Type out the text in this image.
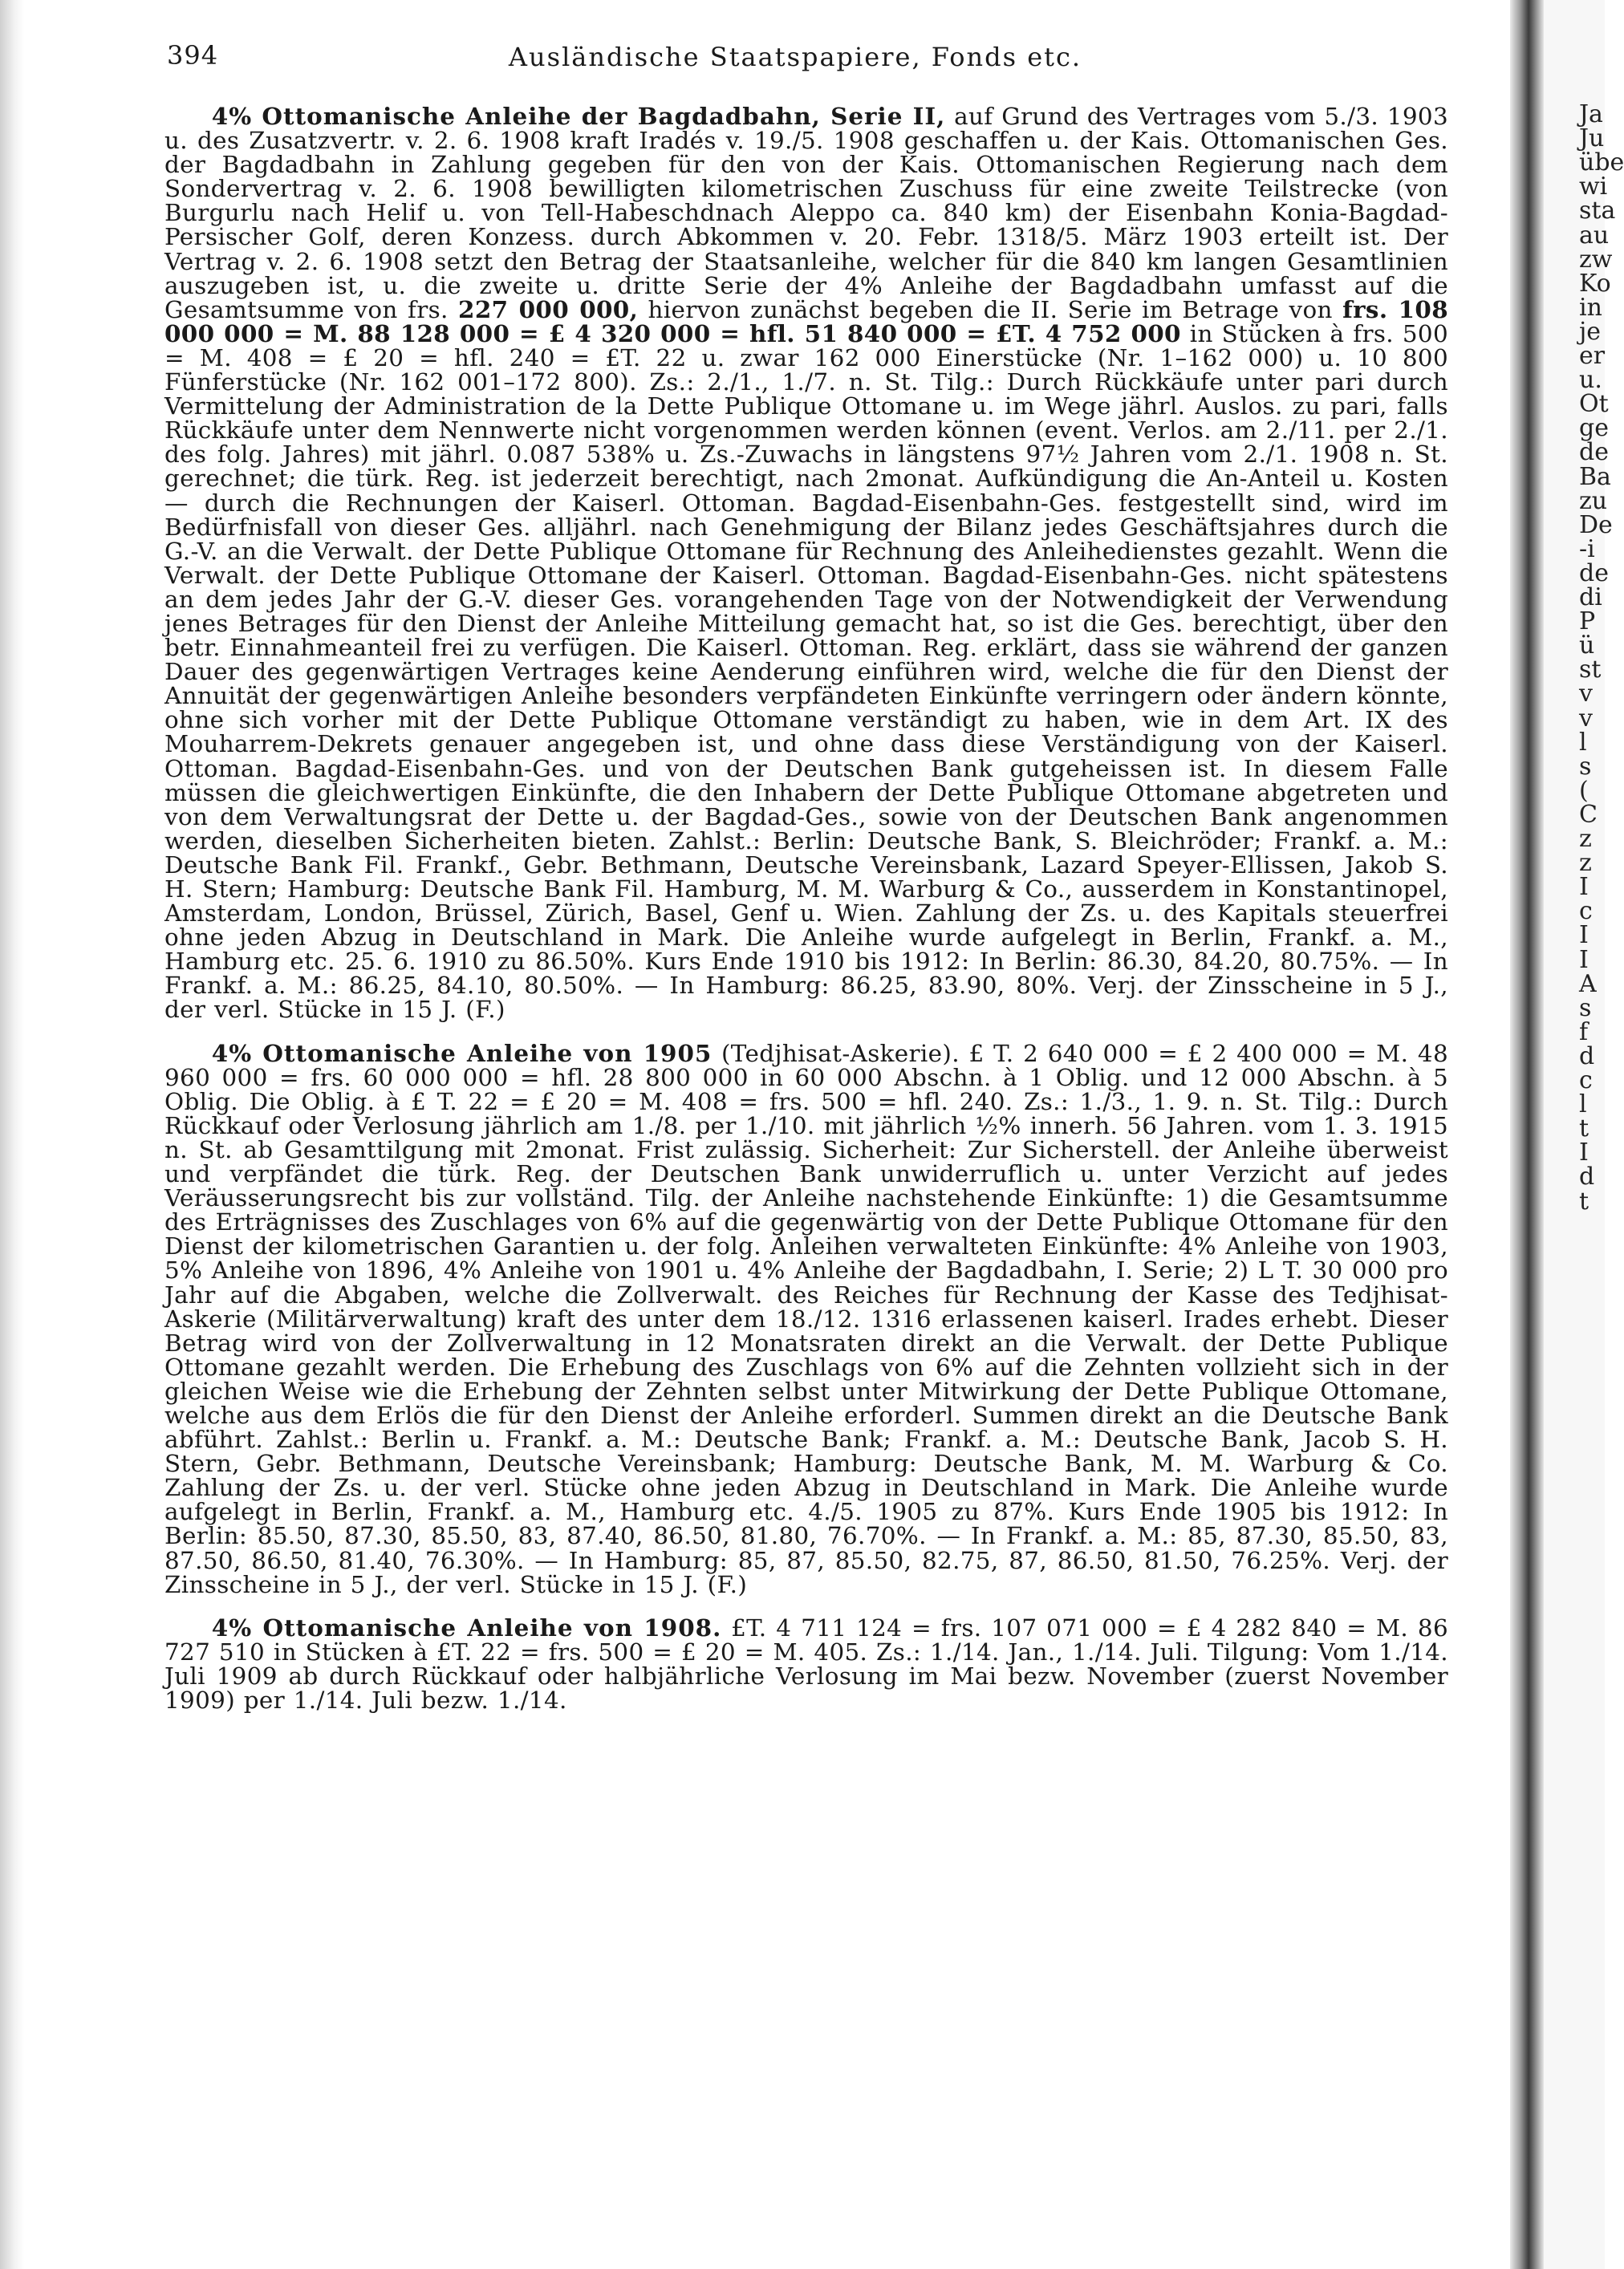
394	Ausländische Staatspapiere, Fonds etc.

4% Ottomanische Anleihe der Bagdadbahn, Serie II, auf Grund des Vertrages vom 5./3. 1903 u. des Zusatzvertr. v. 2. 6. 1908 kraft Iradés v. 19./5. 1908 geschaffen u. der Kais. Ottomanischen Ges. der Bagdadbahn in Zahlung gegeben für den von der Kais. Ottomanischen Regierung nach dem Sondervertrag v. 2. 6. 1908 bewilligten kilometrischen Zuschuss für eine zweite Teilstrecke (von Burgurlu nach Helif u. von Tell-Habeschdnach Aleppo ca. 840 km) der Eisenbahn Konia-Bagdad-Persischer Golf, deren Konzess. durch Abkommen v. 20. Febr. 1318/5. März 1903 erteilt ist. Der Vertrag v. 2. 6. 1908 setzt den Betrag der Staatsanleihe, welcher für die 840 km langen Gesamtlinien auszugeben ist, u. die zweite u. dritte Serie der 4% Anleihe der Bagdadbahn umfasst auf die Gesamtsumme von frs. 227 000 000, hiervon zunächst begeben die II. Serie im Betrage von frs. 108 000 000 = M. 88 128 000 = £ 4 320 000 = hfl. 51 840 000 = £T. 4 752 000 in Stücken à frs. 500 = M. 408 = £ 20 = hfl. 240 = £T. 22 u. zwar 162 000 Einerstücke (Nr. 1–162 000) u. 10 800 Fünferstücke (Nr. 162 001–172 800). Zs.: 2./1., 1./7. n. St. Tilg.: Durch Rückkäufe unter pari durch Vermittelung der Administration de la Dette Publique Ottomane u. im Wege jährl. Auslos. zu pari, falls Rückkäufe unter dem Nennwerte nicht vorgenommen werden können (event. Verlos. am 2./11. per 2./1. des folg. Jahres) mit jährl. 0.087 538% u. Zs.-Zuwachs in längstens 97½ Jahren vom 2./1. 1908 n. St. gerechnet; die türk. Reg. ist jederzeit berechtigt, nach 2monat. Aufkündigung die An-Anteil u. Kosten — durch die Rechnungen der Kaiserl. Ottoman. Bagdad-Eisenbahn-Ges. festgestellt sind, wird im Bedürfnisfall von dieser Ges. alljährl. nach Genehmigung der Bilanz jedes Geschäftsjahres durch die G.-V. an die Verwalt. der Dette Publique Ottomane für Rechnung des Anleihedienstes gezahlt. Wenn die Verwalt. der Dette Publique Ottomane der Kaiserl. Ottoman. Bagdad-Eisenbahn-Ges. nicht spätestens an dem jedes Jahr der G.-V. dieser Ges. vorangehenden Tage von der Notwendigkeit der Verwendung jenes Betrages für den Dienst der Anleihe Mitteilung gemacht hat, so ist die Ges. berechtigt, über den betr. Einnahmeanteil frei zu verfügen. Die Kaiserl. Ottoman. Reg. erklärt, dass sie während der ganzen Dauer des gegenwärtigen Vertrages keine Aenderung einführen wird, welche die für den Dienst der Annuität der gegenwärtigen Anleihe besonders verpfändeten Einkünfte verringern oder ändern könnte, ohne sich vorher mit der Dette Publique Ottomane verständigt zu haben, wie in dem Art. IX des Mouharrem-Dekrets genauer angegeben ist, und ohne dass diese Verständigung von der Kaiserl. Ottoman. Bagdad-Eisenbahn-Ges. und von der Deutschen Bank gutgeheissen ist. In diesem Falle müssen die gleichwertigen Einkünfte, die den Inhabern der Dette Publique Ottomane abgetreten und von dem Verwaltungsrat der Dette u. der Bagdad-Ges., sowie von der Deutschen Bank angenommen werden, dieselben Sicherheiten bieten. Zahlst.: Berlin: Deutsche Bank, S. Bleichröder; Frankf. a. M.: Deutsche Bank Fil. Frankf., Gebr. Bethmann, Deutsche Vereinsbank, Lazard Speyer-Ellissen, Jakob S. H. Stern; Hamburg: Deutsche Bank Fil. Hamburg, M. M. Warburg & Co., ausserdem in Konstantinopel, Amsterdam, London, Brüssel, Zürich, Basel, Genf u. Wien. Zahlung der Zs. u. des Kapitals steuerfrei ohne jeden Abzug in Deutschland in Mark. Die Anleihe wurde aufgelegt in Berlin, Frankf. a. M., Hamburg etc. 25. 6. 1910 zu 86.50%. Kurs Ende 1910 bis 1912: In Berlin: 86.30, 84.20, 80.75%. — In Frankf. a. M.: 86.25, 84.10, 80.50%. — In Hamburg: 86.25, 83.90, 80%. Verj. der Zinsscheine in 5 J., der verl. Stücke in 15 J. (F.)

4% Ottomanische Anleihe von 1905 (Tedjhisat-Askerie). £ T. 2 640 000 = £ 2 400 000 = M. 48 960 000 = frs. 60 000 000 = hfl. 28 800 000 in 60 000 Abschn. à 1 Oblig. und 12 000 Abschn. à 5 Oblig. Die Oblig. à £ T. 22 = £ 20 = M. 408 = frs. 500 = hfl. 240. Zs.: 1./3., 1. 9. n. St. Tilg.: Durch Rückkauf oder Verlosung jährlich am 1./8. per 1./10. mit jährlich ½% innerh. 56 Jahren. vom 1. 3. 1915 n. St. ab Gesamttilgung mit 2monat. Frist zulässig. Sicherheit: Zur Sicherstell. der Anleihe überweist und verpfändet die türk. Reg. der Deutschen Bank unwiderruflich u. unter Verzicht auf jedes Veräusserungsrecht bis zur vollständ. Tilg. der Anleihe nachstehende Einkünfte: 1) die Gesamtsumme des Erträgnisses des Zuschlages von 6% auf die gegenwärtig von der Dette Publique Ottomane für den Dienst der kilometrischen Garantien u. der folg. Anleihen verwalteten Einkünfte: 4% Anleihe von 1903, 5% Anleihe von 1896, 4% Anleihe von 1901 u. 4% Anleihe der Bagdadbahn, I. Serie; 2) L T. 30 000 pro Jahr auf die Abgaben, welche die Zollverwalt. des Reiches für Rechnung der Kasse des Tedjhisat-Askerie (Militärverwaltung) kraft des unter dem 18./12. 1316 erlassenen kaiserl. Irades erhebt. Dieser Betrag wird von der Zollverwaltung in 12 Monatsraten direkt an die Verwalt. der Dette Publique Ottomane gezahlt werden. Die Erhebung des Zuschlags von 6% auf die Zehnten vollzieht sich in der gleichen Weise wie die Erhebung der Zehnten selbst unter Mitwirkung der Dette Publique Ottomane, welche aus dem Erlös die für den Dienst der Anleihe erforderl. Summen direkt an die Deutsche Bank abführt. Zahlst.: Berlin u. Frankf. a. M.: Deutsche Bank; Frankf. a. M.: Deutsche Bank, Jacob S. H. Stern, Gebr. Bethmann, Deutsche Vereinsbank; Hamburg: Deutsche Bank, M. M. Warburg & Co. Zahlung der Zs. u. der verl. Stücke ohne jeden Abzug in Deutschland in Mark. Die Anleihe wurde aufgelegt in Berlin, Frankf. a. M., Hamburg etc. 4./5. 1905 zu 87%. Kurs Ende 1905 bis 1912: In Berlin: 85.50, 87.30, 85.50, 83, 87.40, 86.50, 81.80, 76.70%. — In Frankf. a. M.: 85, 87.30, 85.50, 83, 87.50, 86.50, 81.40, 76.30%. — In Hamburg: 85, 87, 85.50, 82.75, 87, 86.50, 81.50, 76.25%. Verj. der Zinsscheine in 5 J., der verl. Stücke in 15 J. (F.)

4% Ottomanische Anleihe von 1908. £T. 4 711 124 = frs. 107 071 000 = £ 4 282 840 = M. 86 727 510 in Stücken à £T. 22 = frs. 500 = £ 20 = M. 405. Zs.: 1./14. Jan., 1./14. Juli. Tilgung: Vom 1./14. Juli 1909 ab durch Rückkauf oder halbjährliche Verlosung im Mai bezw. November (zuerst November 1909) per 1./14. Juli bezw. 1./14.

Ja
Ju
übe
wi
sta
au
zw
Ko
in
je
er
u.
Ot
ge
de
Ba
zu
De
-i
de
di
P
ü
st
v
v
l
s
(
C
z
z
I
c
I
I
A
s
f
d
c
l
t
I
d
t
